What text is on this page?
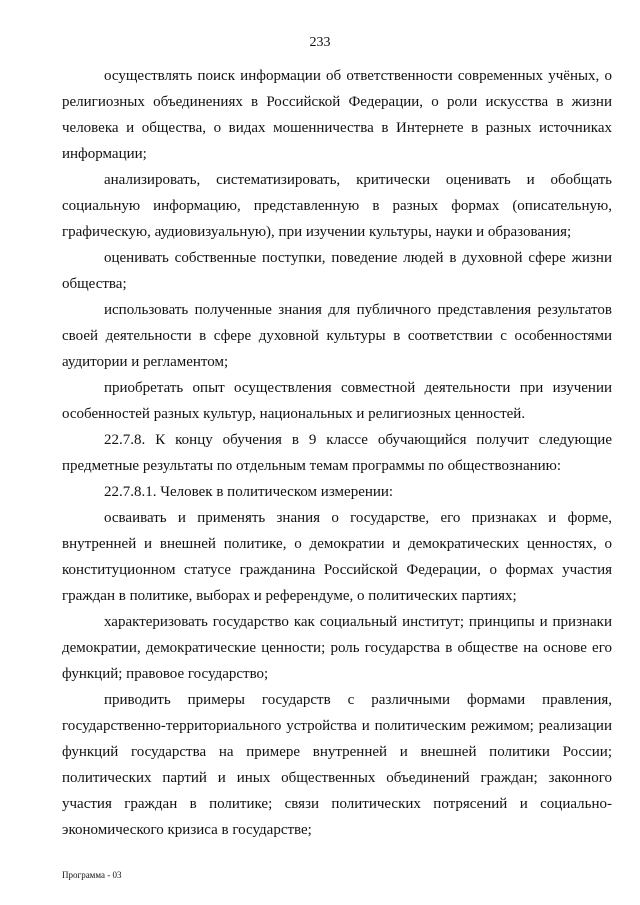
233

осуществлять поиск информации об ответственности современных учёных, о религиозных объединениях в Российской Федерации, о роли искусства в жизни человека и общества, о видах мошенничества в Интернете в разных источниках информации;

анализировать, систематизировать, критически оценивать и обобщать социальную информацию, представленную в разных формах (описательную, графическую, аудиовизуальную), при изучении культуры, науки и образования;

оценивать собственные поступки, поведение людей в духовной сфере жизни общества;

использовать полученные знания для публичного представления результатов своей деятельности в сфере духовной культуры в соответствии с особенностями аудитории и регламентом;

приобретать опыт осуществления совместной деятельности при изучении особенностей разных культур, национальных и религиозных ценностей.

22.7.8. К концу обучения в 9 классе обучающийся получит следующие предметные результаты по отдельным темам программы по обществознанию:

22.7.8.1. Человек в политическом измерении:

осваивать и применять знания о государстве, его признаках и форме, внутренней и внешней политике, о демократии и демократических ценностях, о конституционном статусе гражданина Российской Федерации, о формах участия граждан в политике, выборах и референдуме, о политических партиях;

характеризовать государство как социальный институт; принципы и признаки демократии, демократические ценности; роль государства в обществе на основе его функций; правовое государство;

приводить примеры государств с различными формами правления, государственно-территориального устройства и политическим режимом; реализации функций государства на примере внутренней и внешней политики России; политических партий и иных общественных объединений граждан; законного участия граждан в политике; связи политических потрясений и социально-экономического кризиса в государстве;

Программа - 03
